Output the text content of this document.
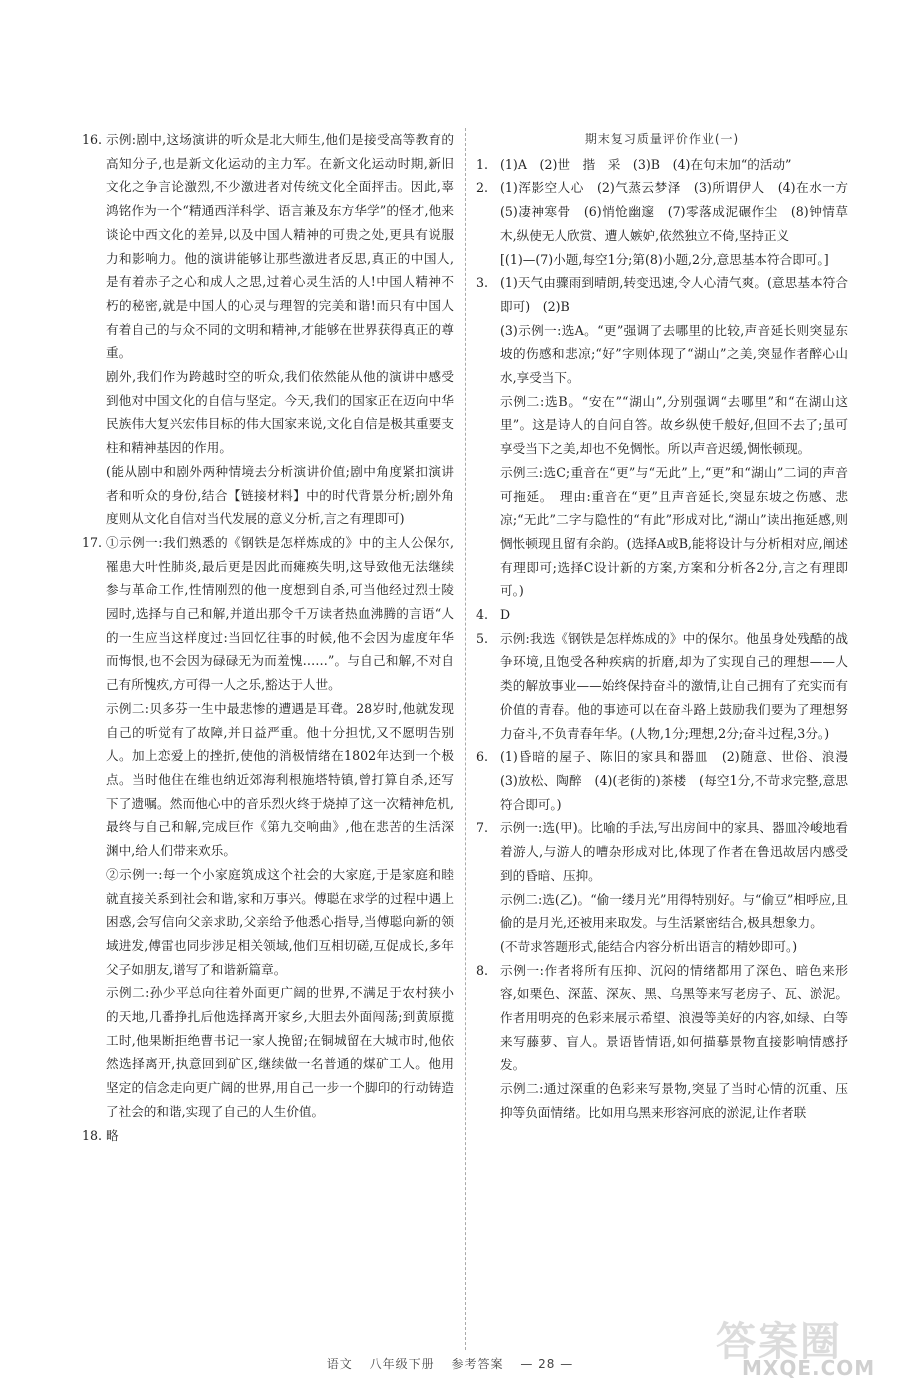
16. 示例:剧中,这场演讲的听众是北大师生,他们是接受高等教育的高知分子,也是新文化运动的主力军。在新文化运动时期,新旧文化之争言论激烈,不少激进者对传统文化全面抨击。因此,辜鸿铭作为一个“精通西洋科学、语言兼及东方华学”的怪才,他来谈论中西文化的差异,以及中国人精神的可贵之处,更具有说服力和影响力。他的演讲能够让那些激进者反思,真正的中国人,是有着赤子之心和成人之思,过着心灵生活的人!中国人精神不朽的秘密,就是中国人的心灵与理智的完美和谐!而只有中国人有着自己的与众不同的文明和精神,才能够在世界获得真正的尊重。

剧外,我们作为跨越时空的听众,我们依然能从他的演讲中感受到他对中国文化的自信与坚定。今天,我们的国家正在迈向中华民族伟大复兴宏伟目标的伟大国家来说,文化自信是极其重要支柱和精神基因的作用。

(能从剧中和剧外两种情境去分析演讲价值;剧中角度紧扣演讲者和听众的身份,结合【链接材料】中的时代背景分析;剧外角度则从文化自信对当代发展的意义分析,言之有理即可)

17. ①示例一:我们熟悉的《钢铁是怎样炼成的》中的主人公保尔,罹患大叶性肺炎,最后更是因此而瘫痪失明,这导致他无法继续参与革命工作,性情刚烈的他一度想到自杀,可当他经过烈士陵园时,选择与自己和解,并道出那令千万读者热血沸腾的言语“人的一生应当这样度过:当回忆往事的时候,他不会因为虚度年华而悔恨,也不会因为碌碌无为而羞愧……”。与自己和解,不对自己有所愧疚,方可得一人之乐,豁达于人世。

示例二:贝多芬一生中最悲惨的遭遇是耳聋。28岁时,他就发现自己的听觉有了故障,并日益严重。他十分担忧,又不愿明告别人。加上恋爱上的挫折,使他的消极情绪在1802年达到一个极点。当时他住在维也纳近郊海利根施塔特镇,曾打算自杀,还写下了遗嘱。然而他心中的音乐烈火终于烧掉了这一次精神危机,最终与自己和解,完成巨作《第九交响曲》,他在悲苦的生活深渊中,给人们带来欢乐。

②示例一:每一个小家庭筑成这个社会的大家庭,于是家庭和睦就直接关系到社会和谐,家和万事兴。傅聪在求学的过程中遇上困惑,会写信向父亲求助,父亲给予他悉心指导,当傅聪向新的领域进发,傅雷也同步涉足相关领域,他们互相切磋,互促成长,多年父子如朋友,谱写了和谐新篇章。

示例二:孙少平总向往着外面更广阔的世界,不满足于农村狭小的天地,几番挣扎后他选择离开家乡,大胆去外面闯荡;到黄原揽工时,他果断拒绝曹书记一家人挽留;在铜城留在大城市时,他依然选择离开,执意回到矿区,继续做一名普通的煤矿工人。他用坚定的信念走向更广阔的世界,用自己一步一个脚印的行动铸造了社会的和谐,实现了自己的人生价值。

18. 略

期末复习质量评价作业(一)
1. (1)A　(2)世　揩　采　(3)B　(4)在句末加“的活动”

2. (1)浑影空人心　(2)气蒸云梦泽　(3)所谓伊人　(4)在水一方　(5)凄神寒骨　(6)悄怆幽邃　(7)零落成泥碾作尘　(8)钟情草木,纵使无人欣赏、遭人嫉妒,依然独立不倚,坚持正义

[(1)—(7)小题,每空1分;第(8)小题,2分,意思基本符合即可。]

3. (1)天气由骤雨到晴朗,转变迅速,令人心清气爽。(意思基本符合即可)　(2)B

(3)示例一:选A。“更”强调了去哪里的比较,声音延长则突显东坡的伤感和悲凉;“好”字则体现了“湖山”之美,突显作者醉心山水,享受当下。

示例二:选B。“安在”“湖山”,分别强调“去哪里”和“在湖山这里”。这是诗人的自问自答。故乡纵使千般好,但回不去了;虽可享受当下之美,却也不免惆怅。所以声音迟缓,惆怅顿现。

示例三:选C;重音在“更”与“无此”上,“更”和“湖山”二词的声音可拖延。　理由:重音在“更”且声音延长,突显东坡之伤感、悲凉;“无此”二字与隐性的“有此”形成对比,“湖山”读出拖延感,则惆怅顿现且留有余韵。(选择A或B,能将设计与分析相对应,阐述有理即可;选择C设计新的方案,方案和分析各2分,言之有理即可。)

4. D

5. 示例:我选《钢铁是怎样炼成的》中的保尔。他虽身处残酷的战争环境,且饱受各种疾病的折磨,却为了实现自己的理想——人类的解放事业——始终保持奋斗的激情,让自己拥有了充实而有价值的青春。他的事迹可以在奋斗路上鼓励我们要为了理想努力奋斗,不负青春年华。(人物,1分;理想,2分;奋斗过程,3分。)

6. (1)昏暗的屋子、陈旧的家具和器皿　(2)随意、世俗、浪漫　(3)放松、陶醉　(4)(老街的)茶楼　(每空1分,不苛求完整,意思符合即可。)

7. 示例一:选(甲)。比喻的手法,写出房间中的家具、器皿冷峻地看着游人,与游人的嘈杂形成对比,体现了作者在鲁迅故居内感受到的昏暗、压抑。

示例二:选(乙)。“偷一缕月光”用得特别好。与“偷豆”相呼应,且偷的是月光,还被用来取发。与生活紧密结合,极具想象力。

(不苛求答题形式,能结合内容分析出语言的精妙即可。)

8. 示例一:作者将所有压抑、沉闷的情绪都用了深色、暗色来形容,如栗色、深蓝、深灰、黑、乌黑等来写老房子、瓦、淤泥。作者用明亮的色彩来展示希望、浪漫等美好的内容,如绿、白等来写藤萝、盲人。景语皆情语,如何描摹景物直接影响情感抒发。

示例二:通过深重的色彩来写景物,突显了当时心情的沉重、压抑等负面情绪。比如用乌黑来形容河底的淤泥,让作者联

语文 八年级下册 参考答案 — 28 —	答案圈
MXQE.COM
